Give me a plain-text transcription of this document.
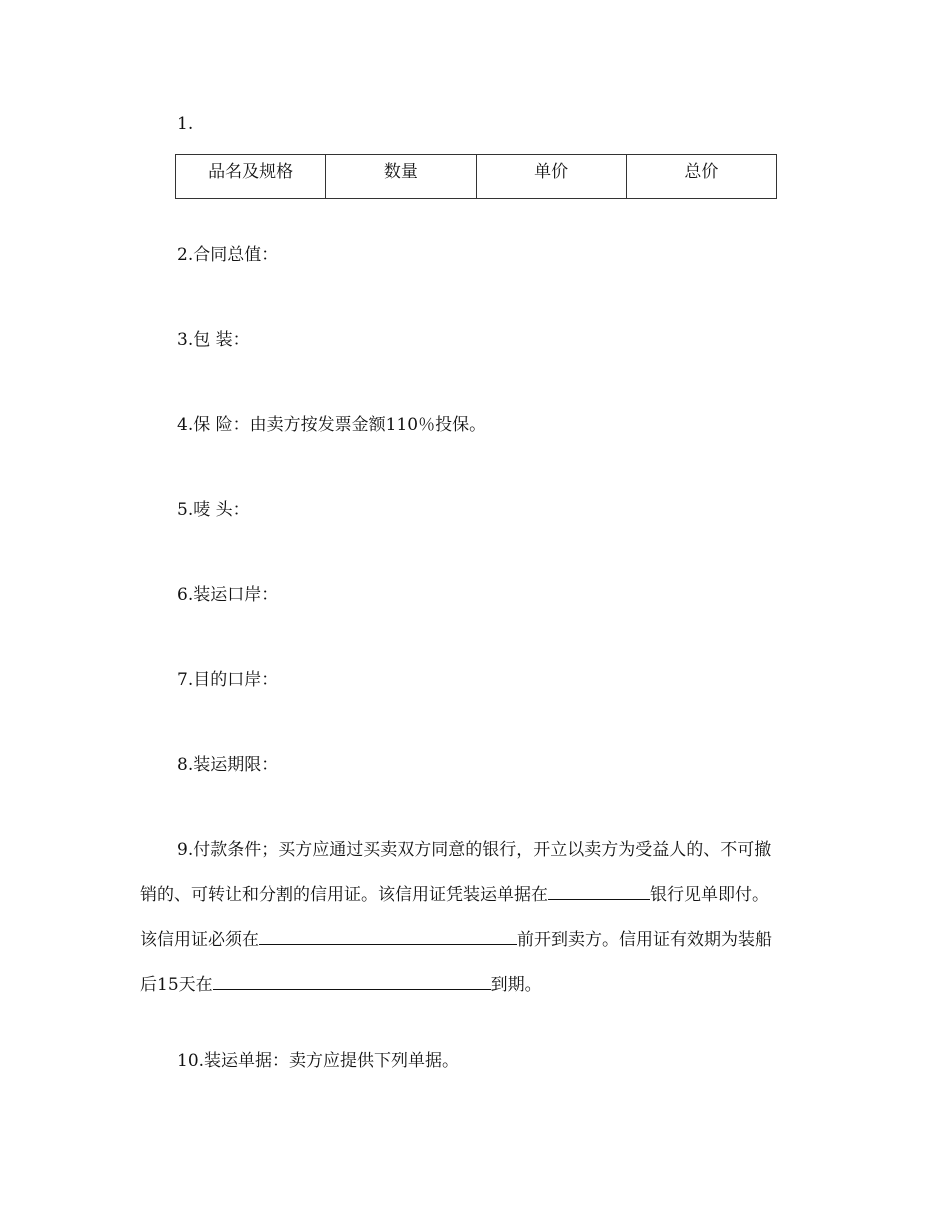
1.
品名及规格	数量	单价	总价

2.合同总值：

3.包 装：

4.保 险：由卖方按发票金额110％投保。

5.唛 头：

6.装运口岸：

7.目的口岸：

8.装运期限：

9.付款条件；买方应通过买卖双方同意的银行，开立以卖方为受益人的、不可撤
销的、可转让和分割的信用证。该信用证凭装运单据在	银行见单即付。
该信用证必须在	前开到卖方。信用证有效期为装船
后15天在	到期。

10.装运单据：卖方应提供下列单据。
